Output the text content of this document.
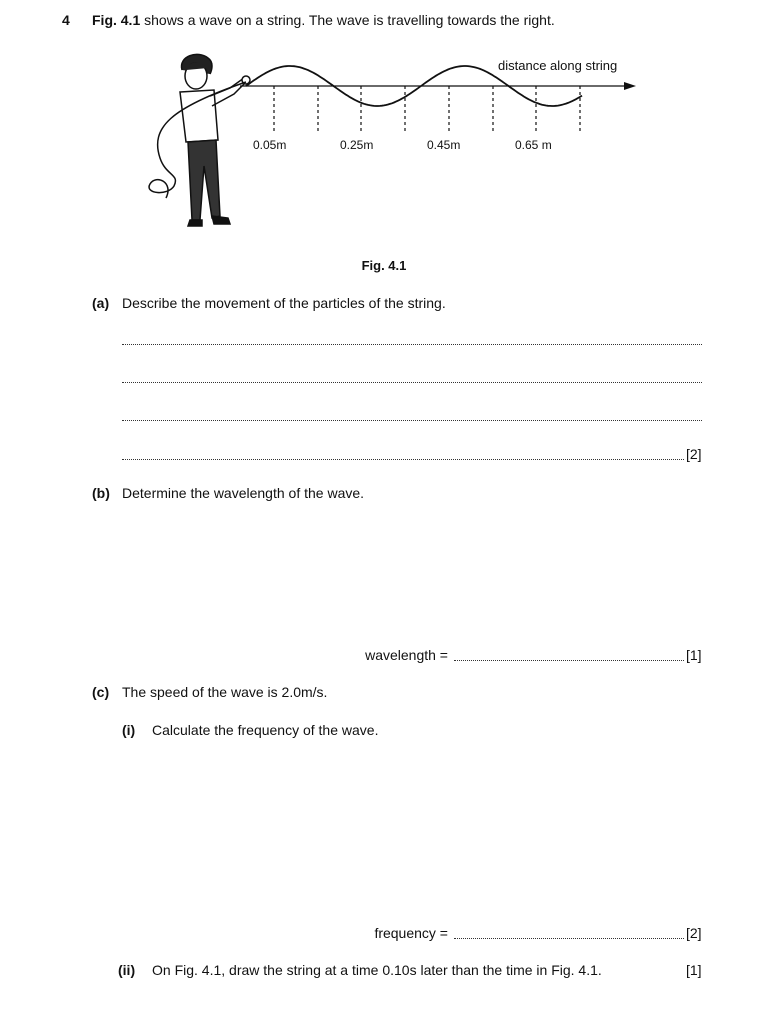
4 Fig. 4.1 shows a wave on a string. The wave is travelling towards the right.
distance along string
0.05m	0.25m	0.45m	0.65 m
Fig. 4.1
(a) Describe the movement of the particles of the string.
[2]
(b) Determine the wavelength of the wave.
wavelength =	[1]
(c) The speed of the wave is 2.0m/s.
(i) Calculate the frequency of the wave.
frequency =	[2]
(ii) On Fig. 4.1, draw the string at a time 0.10s later than the time in Fig. 4.1.	[1]
